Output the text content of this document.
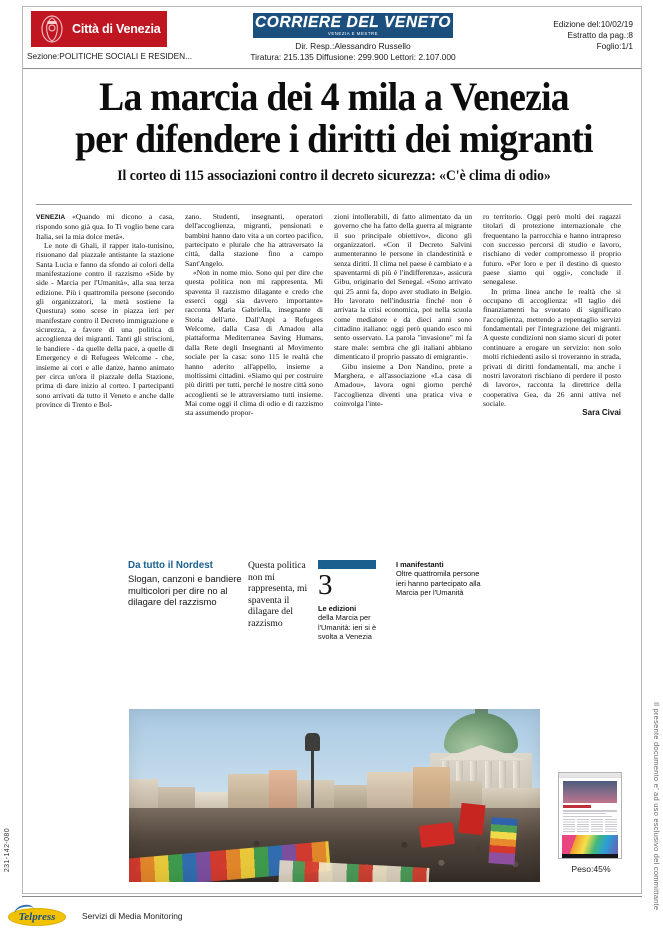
Città di Venezia
Sezione:POLITICHE SOCIALI E RESIDEN...
CORRIERE DEL VENETO
VENEZIA E MESTRE
Dir. Resp.:Alessandro Russello
Tiratura: 215.135 Diffusione: 299.900 Lettori: 2.107.000
Edizione del:10/02/19
Estratto da pag.:8
Foglio:1/1
La marcia dei 4 mila a Venezia
per difendere i diritti dei migranti
Il corteo di 115 associazioni contro il decreto sicurezza: «C'è clima di odio»

VENEZIA «Quando mi dicono a casa, rispondo sono già qua. Io Ti voglio bene cara Italia, sei la mia dolce metà».

Le note di Ghali, il rapper italo-tunisino, risuonano dal piazzale antistante la stazione Santa Lucia e fanno da sfondo ai colori della manifestazione contro il razzismo «Side by side - Marcia per l'Umanità», alla sua terza edizione. Più i quattromila persone (secondo gli organizzatori, la metà sostiene la Questura) sono scese in piazza ieri per manifestare contro il Decreto immigrazione e sicurezza, a favore di una politica di accoglienza dei migranti. Tanti gli striscioni, le bandiere - da quelle della pace, a quelle di Emergency e di Refugees Welcome - che, insieme ai cori e alle danze, hanno animato per circa un'ora il piazzale della Stazione, prima di dare inizio al corteo. I partecipanti sono arrivati da tutto il Veneto e anche dalle province di Trento e Bol-

zano. Studenti, insegnanti, operatori dell'accoglienza, migranti, pensionati e bambini hanno dato vita a un corteo pacifico, partecipato e plurale che ha attraversato la città, dalla stazione fino a campo Sant'Angelo.

«Non in nome mio. Sono qui per dire che questa politica non mi rappresenta. Mi spaventa il razzismo dilagante e credo che esserci oggi sia davvero importante» racconta Maria Gabriella, insegnante di Storia dell'arte. Dall'Anpi a Refugees Welcome, dalla Casa di Amadou alla piattaforma Mediterranea Saving Humans, dalla Rete degli Insegnanti al Movimento sociale per la casa: sono 115 le realtà che hanno aderito all'appello, insieme a moltissimi cittadini. «Siamo qui per costruire più diritti per tutti, perché le nostre città sono accoglienti se le attraversiamo tutti insieme. Mai come oggi il clima di odio e di razzismo sta assumendo propor-

zioni intollerabili, di fatto alimentato da un governo che ha fatto della guerra al migrante il suo principale obiettivo», dicono gli organizzatori. «Con il Decreto Salvini aumenteranno le persone in clandestinità e senza diritti. Il clima nel paese è cambiato e a spaventarmi di più è l'indifferenza», assicura Gibu, originario del Senegal. «Sono arrivato qui 25 anni fa, dopo aver studiato in Belgio. Ho lavorato nell'industria finché non è arrivata la crisi economica, poi nella scuola come mediatore e da dieci anni sono cittadino italiano: oggi però quando esco mi sento osservato. La parola "invasione" mi fa stare male: sembra che gli italiani abbiano dimenticato il proprio passato di emigranti».

Gibu insieme a Don Nandino, prete a Marghera, e all'associazione «La casa di Amadou», lavora ogni giorno perché l'accoglienza diventi una pratica viva e coinvolga l'inte-

ro territorio. Oggi però molti dei ragazzi titolari di protezione internazionale che frequentano la parrocchia e hanno intrapreso con successo percorsi di studio e lavoro, rischiano di veder compromesso il proprio futuro. «Per loro e per il destino di questo paese siamo qui oggi», conclude il senegalese.

In prima linea anche le realtà che si occupano di accoglienza: «Il taglio dei finanziamenti ha svuotato di significato l'accoglienza, mettendo a repentaglio servizi fondamentali per l'integrazione dei migranti. A queste condizioni non siamo sicuri di poter continuare a erogare un servizio: non solo molti richiedenti asilo si troveranno in strada, privati di diritti fondamentali, ma anche i nostri lavoratori rischiano di perdere il posto di lavoro», racconta la direttrice della cooperativa Gea, da 26 anni attiva nel sociale.

Sara Civai

Da tutto il Nordest
Slogan, canzoni e bandiere multicolori per dire no al dilagare del razzismo
Questa politica non mi rappresenta, mi spaventa il dilagare del razzismo
3
Le edizioni
della Marcia per l'Umanità: ieri si è svolta a Venezia
I manifestanti
Oltre quattromila persone ieri hanno partecipato alla Marcia per l'Umanità
Peso:45%	Il presente documento e' ad uso esclusivo del committante
231-142-080
Telpress	Servizi di Media Monitoring
